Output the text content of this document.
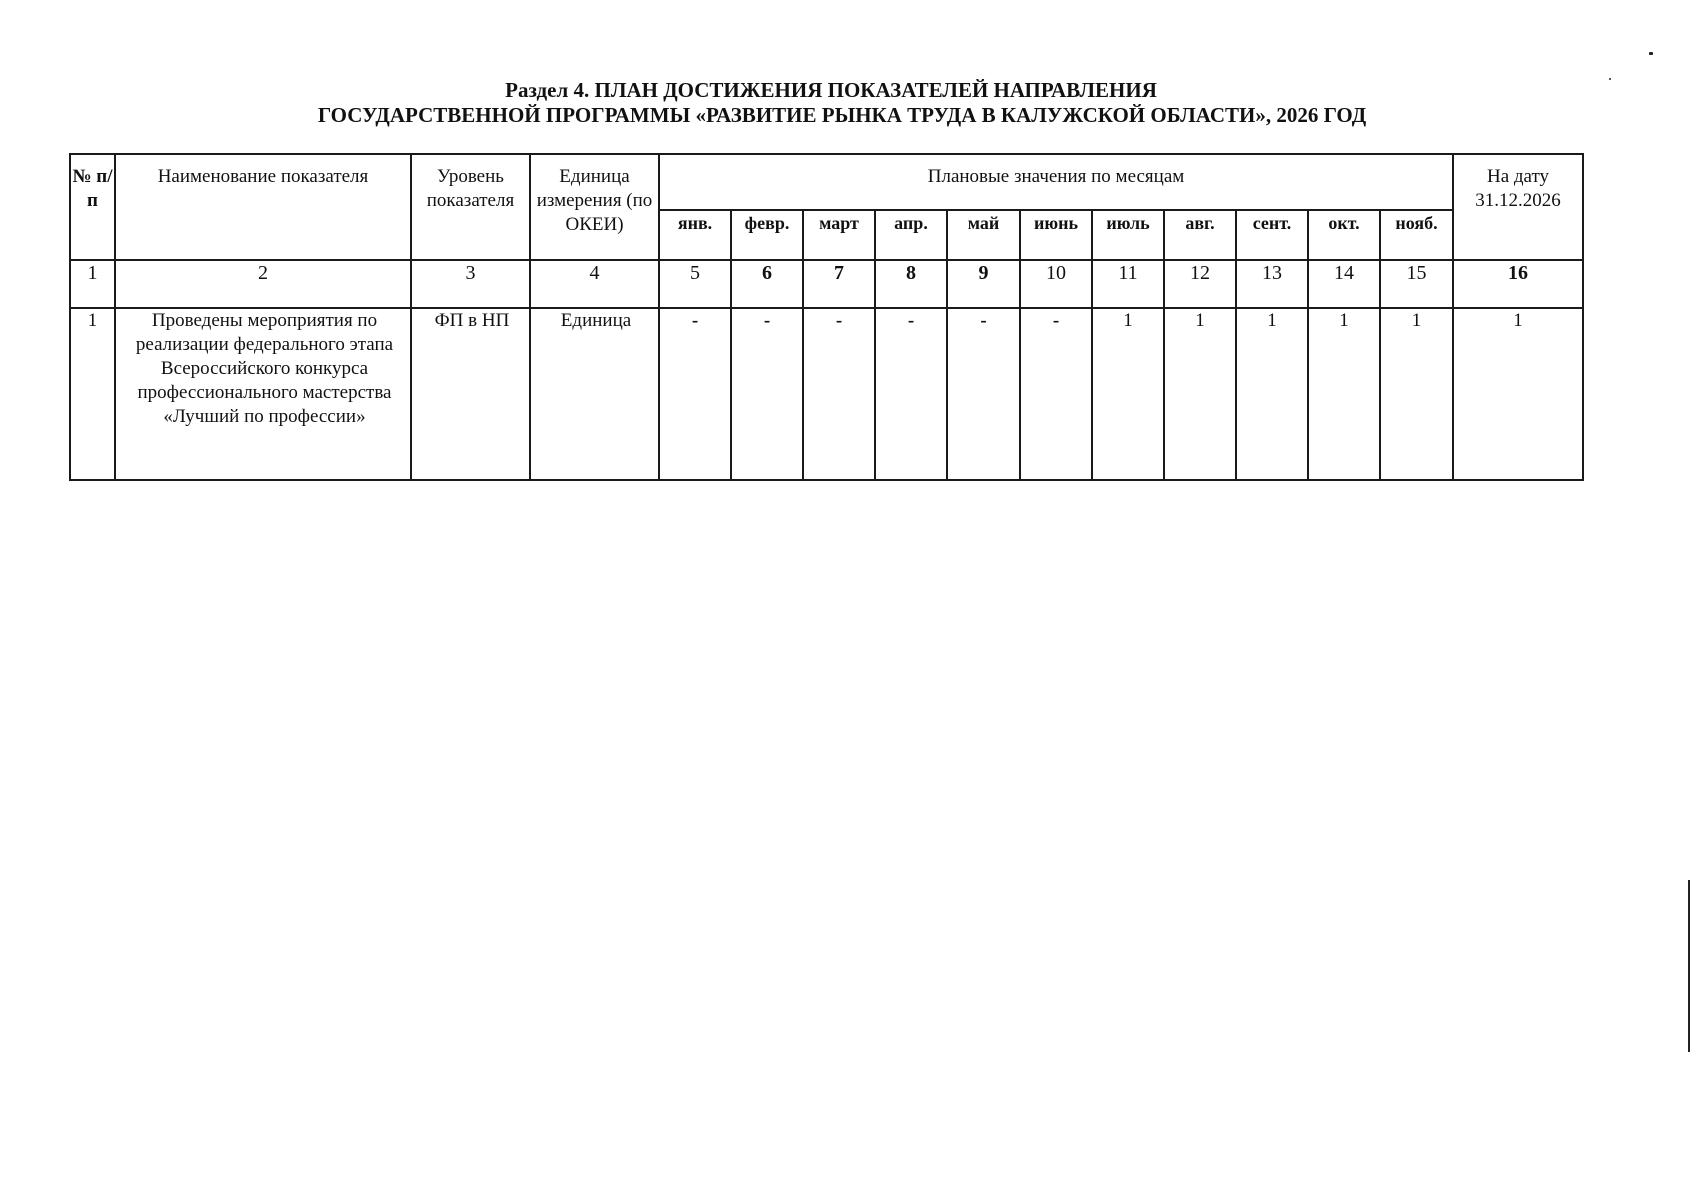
Раздел 4. ПЛАН ДОСТИЖЕНИЯ ПОКАЗАТЕЛЕЙ НАПРАВЛЕНИЯ
ГОСУДАРСТВЕННОЙ ПРОГРАММЫ «РАЗВИТИЕ РЫНКА ТРУДА В КАЛУЖСКОЙ ОБЛАСТИ», 2026 ГОД
№ п/п	Наименование показателя	Уровень показателя	Единица измерения (по ОКЕИ)	Плановые значения по месяцам											На дату 31.12.2026
				янв.	февр.	март	апр.	май	июнь	июль	авг.	сент.	окт.	нояб.	
1	2	3	4	5	6	7	8	9	10	11	12	13	14	15	16
1	Проведены мероприятия по реализации федерального этапа Всероссийского конкурса профессионального мастерства «Лучший по профессии»	ФП в НП	Единица	-	-	-	-	-	-	1	1	1	1	1	1
